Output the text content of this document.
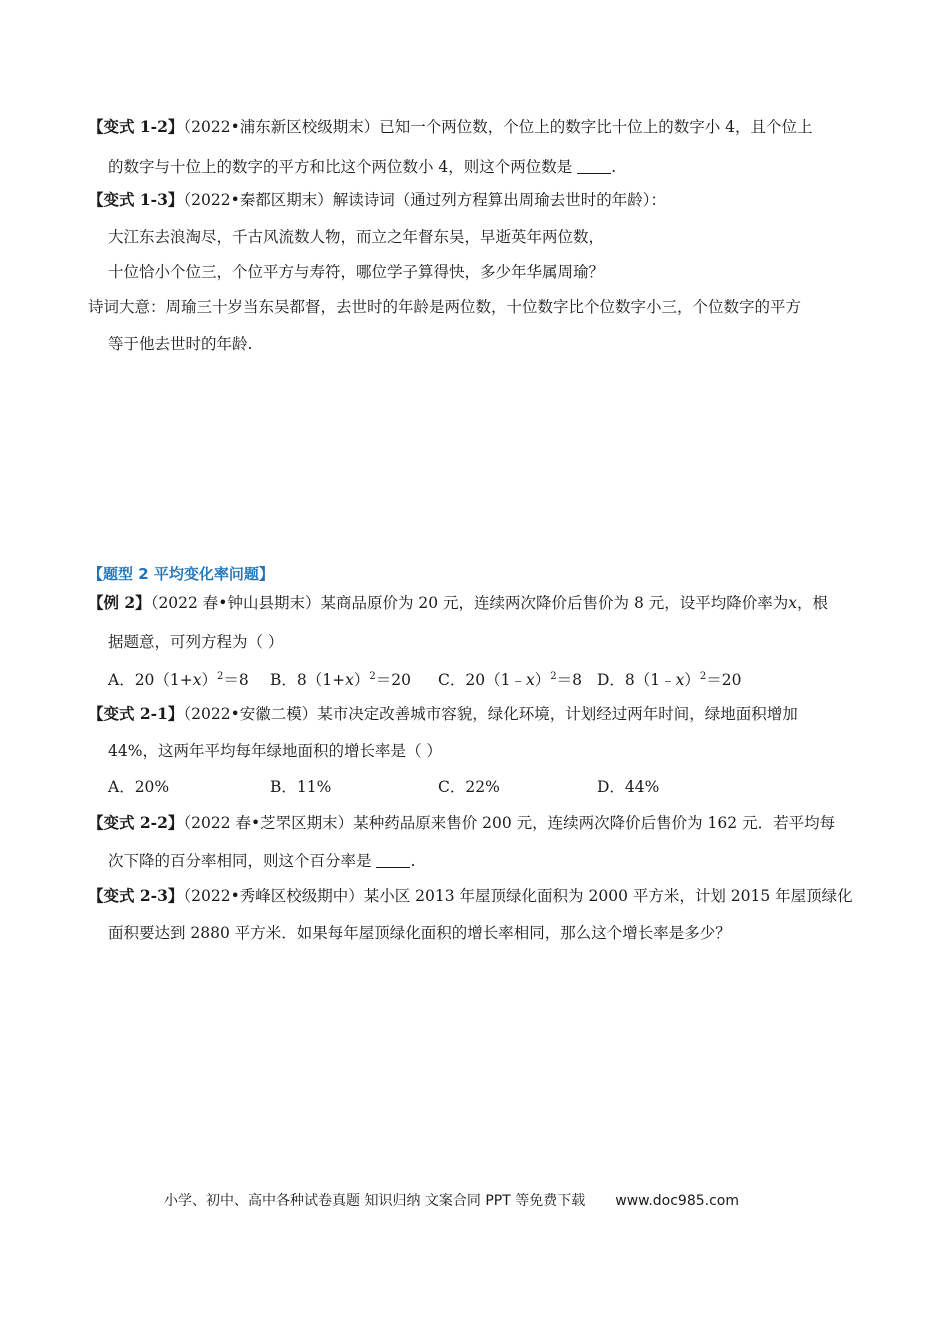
【变式 1-2】（2022•浦东新区校级期末）已知一个两位数，个位上的数字比十位上的数字小 4，且个位上
的数字与十位上的数字的平方和比这个两位数小 4，则这个两位数是	.
【变式 1-3】（2022•秦都区期末）解读诗词（通过列方程算出周瑜去世时的年龄）：
大江东去浪淘尽，千古风流数人物，而立之年督东吴，早逝英年两位数，
十位恰小个位三，个位平方与寿符，哪位学子算得快，多少年华属周瑜？
诗词大意：周瑜三十岁当东吴都督，去世时的年龄是两位数，十位数字比个位数字小三，个位数字的平方
等于他去世时的年龄.
【题型 2 平均变化率问题】
【例 2】（2022 春•钟山县期末）某商品原价为 20 元，连续两次降价后售价为 8 元，设平均降价率为x，根
据题意，可列方程为（ ）
A．$20(1+x)^2=8$ B．$8(1+x)^2=20$ C．20（1﹣x）$^2$＝8 D．8（1﹣x）$^2$＝20
【变式 2-1】（2022•安徽二模）某市决定改善城市容貌，绿化环境，计划经过两年时间，绿地面积增加
44%，这两年平均每年绿地面积的增长率是（ ）
A．20%	B．11%	C．22%	D．44%
【变式 2-2】（2022 春•芝罘区期末）某种药品原来售价 200 元，连续两次降价后售价为 162 元．若平均每
次下降的百分率相同，则这个百分率是	.
【变式 2-3】（2022•秀峰区校级期中）某小区 2013 年屋顶绿化面积为 2000 平方米，计划 2015 年屋顶绿化
面积要达到 2880 平方米．如果每年屋顶绿化面积的增长率相同，那么这个增长率是多少？
小学、初中、高中各种试卷真题 知识归纳 文案合同 PPT 等免费下载 www.doc985.com
